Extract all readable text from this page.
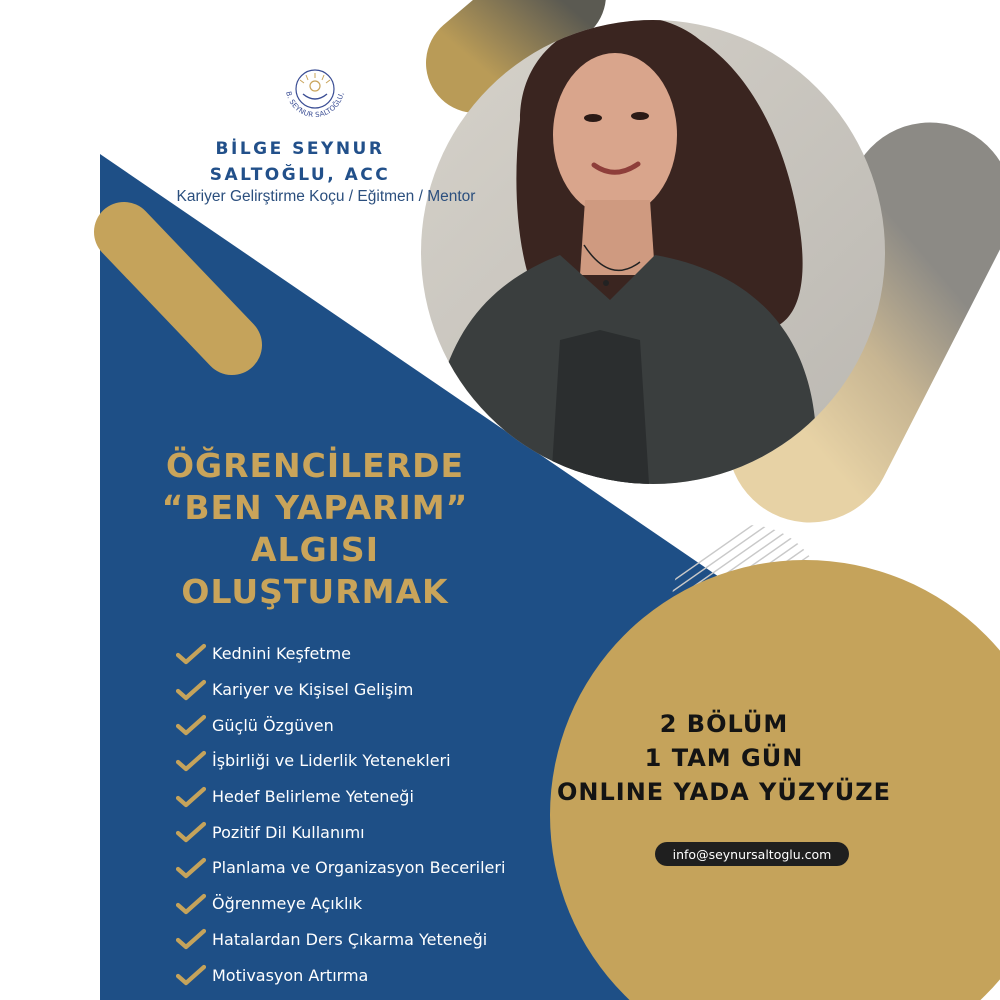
B. SEYNUR SALTOĞLU,
BİLGE SEYNUR
SALTOĞLU, ACC
Kariyer Gelirştirme Koçu / Eğitmen / Mentor
ÖĞRENCİLERDE
“BEN YAPARIM”
ALGISI
OLUŞTURMAK
Kednini Keşfetme
Kariyer ve Kişisel Gelişim
Güçlü Özgüven
İşbirliği ve Liderlik Yetenekleri
Hedef Belirleme Yeteneği
Pozitif Dil Kullanımı
Planlama ve Organizasyon Becerileri
Öğrenmeye Açıklık
Hatalardan Ders Çıkarma Yeteneği
Motivasyon Artırma
2 BÖLÜM
1 TAM GÜN
ONLINE YADA YÜZYÜZE
info@seynursaltoglu.com
